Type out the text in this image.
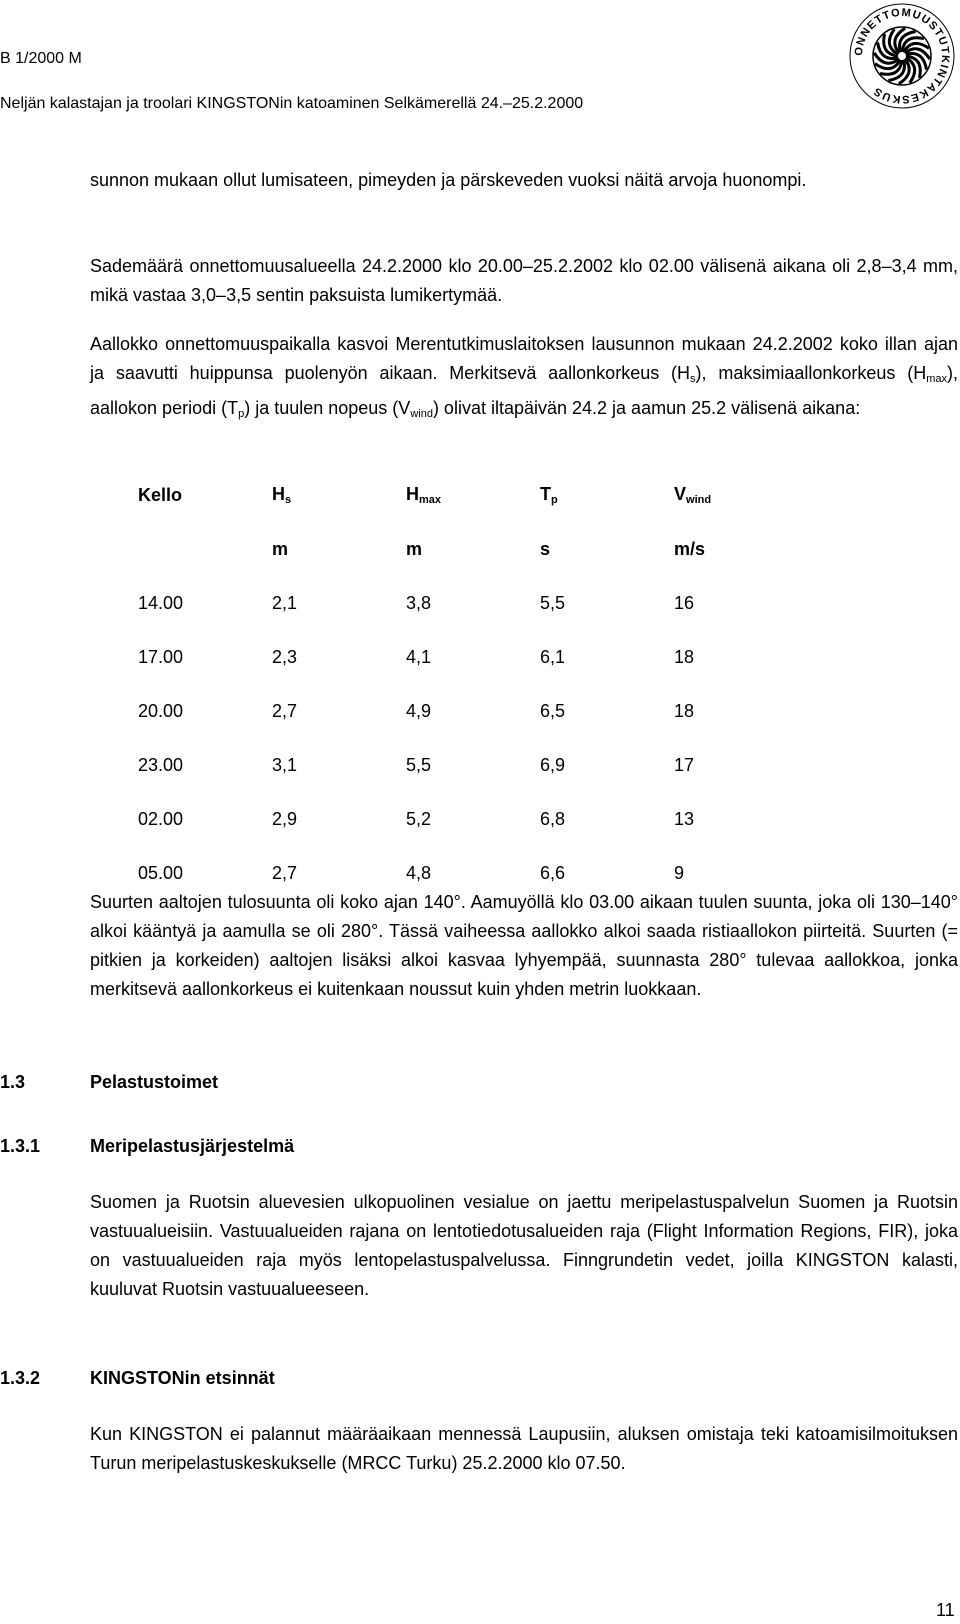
B 1/2000 M
Neljän kalastajan ja troolari KINGSTONin katoaminen Selkämerellä 24.–25.2.2000
ONNETTOMUUSTUTKINTAKESKUS
sunnon mukaan ollut lumisateen, pimeyden ja pärskeveden vuoksi näitä arvoja huonompi.
Sademäärä onnettomuusalueella 24.2.2000 klo 20.00–25.2.2002 klo 02.00 välisenä aikana oli 2,8–3,4 mm, mikä vastaa 3,0–3,5 sentin paksuista lumikertymää.
Aallokko onnettomuuspaikalla kasvoi Merentutkimuslaitoksen lausunnon mukaan 24.2.2002 koko illan ajan ja saavutti huippunsa puolenyön aikaan. Merkitsevä aallonkorkeus $(H_s)$, maksimiaallonkorkeus $(H_{max})$, aallokon periodi $(T_p)$ ja tuulen nopeus $(V_{wind})$ olivat iltapäivän 24.2 ja aamun 25.2 välisenä aikana:
Kello	$H_s$	$H_{max}$	$T_p$	$V_{wind}$
	m	m	s	m/s
14.00	2,1	3,8	5,5	16
17.00	2,3	4,1	6,1	18
20.00	2,7	4,9	6,5	18
23.00	3,1	5,5	6,9	17
02.00	2,9	5,2	6,8	13
05.00	2,7	4,8	6,6	9
Suurten aaltojen tulosuunta oli koko ajan 140°. Aamuyöllä klo 03.00 aikaan tuulen suunta, joka oli 130–140° alkoi kääntyä ja aamulla se oli 280°. Tässä vaiheessa aallokko alkoi saada ristiaallokon piirteitä. Suurten (= pitkien ja korkeiden) aaltojen lisäksi alkoi kasvaa lyhyempää, suunnasta 280° tulevaa aallokkoa, jonka merkitsevä aallonkorkeus ei kuitenkaan noussut kuin yhden metrin luokkaan.
1.3	Pelastustoimet
1.3.1	Meripelastusjärjestelmä
Suomen ja Ruotsin aluevesien ulkopuolinen vesialue on jaettu meripelastuspalvelun Suomen ja Ruotsin vastuualueisiin. Vastuualueiden rajana on lentotiedotusalueiden raja (Flight Information Regions, FIR), joka on vastuualueiden raja myös lentopelastuspalvelussa. Finngrundetin vedet, joilla KINGSTON kalasti, kuuluvat Ruotsin vastuualueeseen.
1.3.2	KINGSTONin etsinnät
Kun KINGSTON ei palannut määräaikaan mennessä Laupusiin, aluksen omistaja teki katoamisilmoituksen Turun meripelastuskeskukselle (MRCC Turku) 25.2.2000 klo 07.50.
11
